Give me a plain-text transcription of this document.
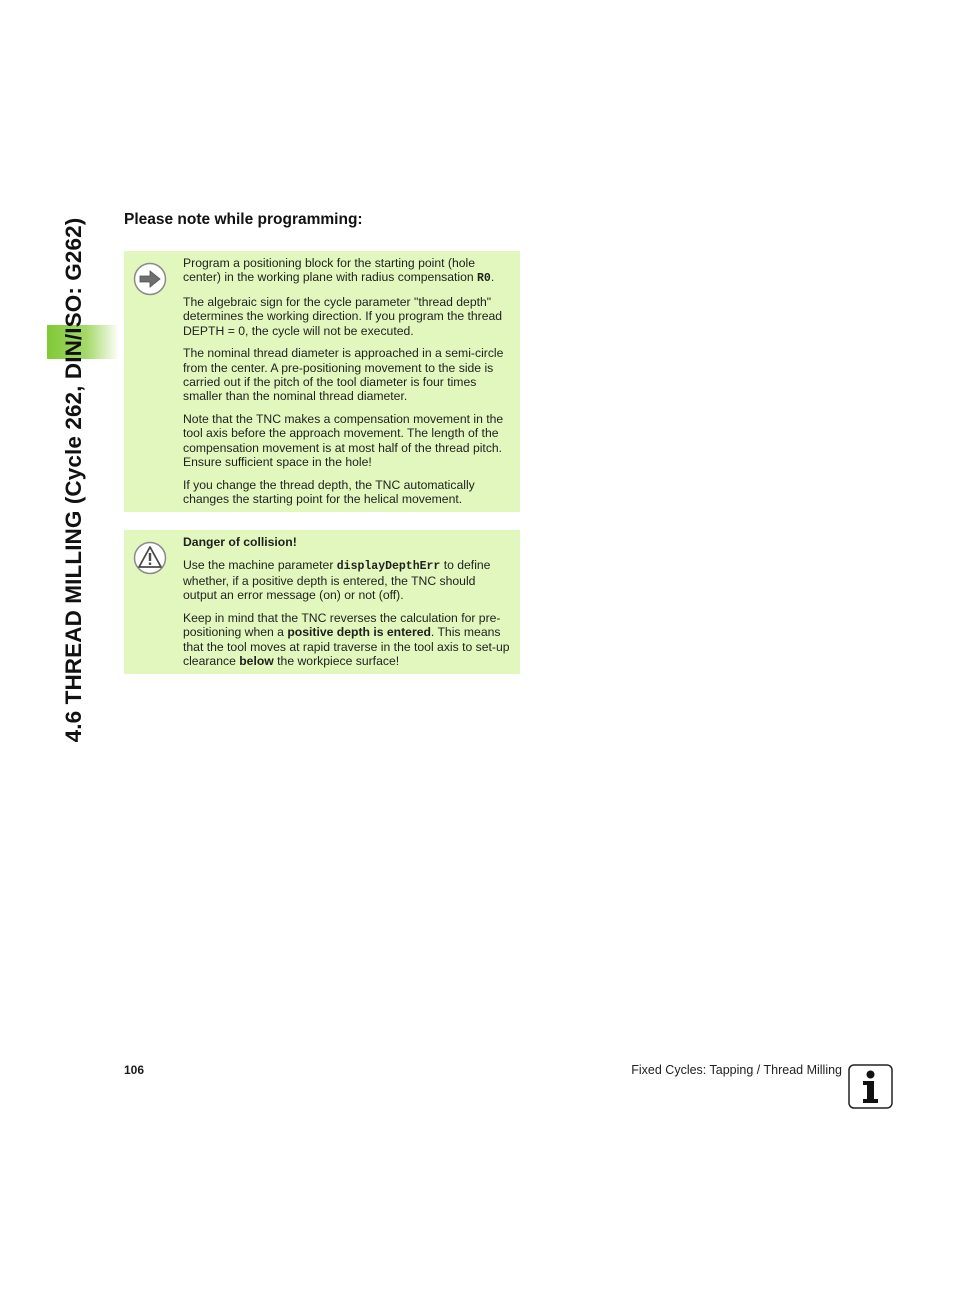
4.6 THREAD MILLING (Cycle 262, DIN/ISO: G262) Please note while programming:

Program a positioning block for the starting point (hole center) in the working plane with radius compensation R0.

The algebraic sign for the cycle parameter "thread depth" determines the working direction. If you program the thread DEPTH = 0, the cycle will not be executed.

The nominal thread diameter is approached in a semi-circle from the center. A pre-positioning movement to the side is carried out if the pitch of the tool diameter is four times smaller than the nominal thread diameter.

Note that the TNC makes a compensation movement in the tool axis before the approach movement. The length of the compensation movement is at most half of the thread pitch. Ensure sufficient space in the hole!

If you change the thread depth, the TNC automatically changes the starting point for the helical movement.

Danger of collision!

Use the machine parameter displayDepthErr to define whether, if a positive depth is entered, the TNC should output an error message (on) or not (off).

Keep in mind that the TNC reverses the calculation for pre-positioning when a positive depth is entered. This means that the tool moves at rapid traverse in the tool axis to set-up clearance below the workpiece surface!

106	Fixed Cycles: Tapping / Thread Milling
